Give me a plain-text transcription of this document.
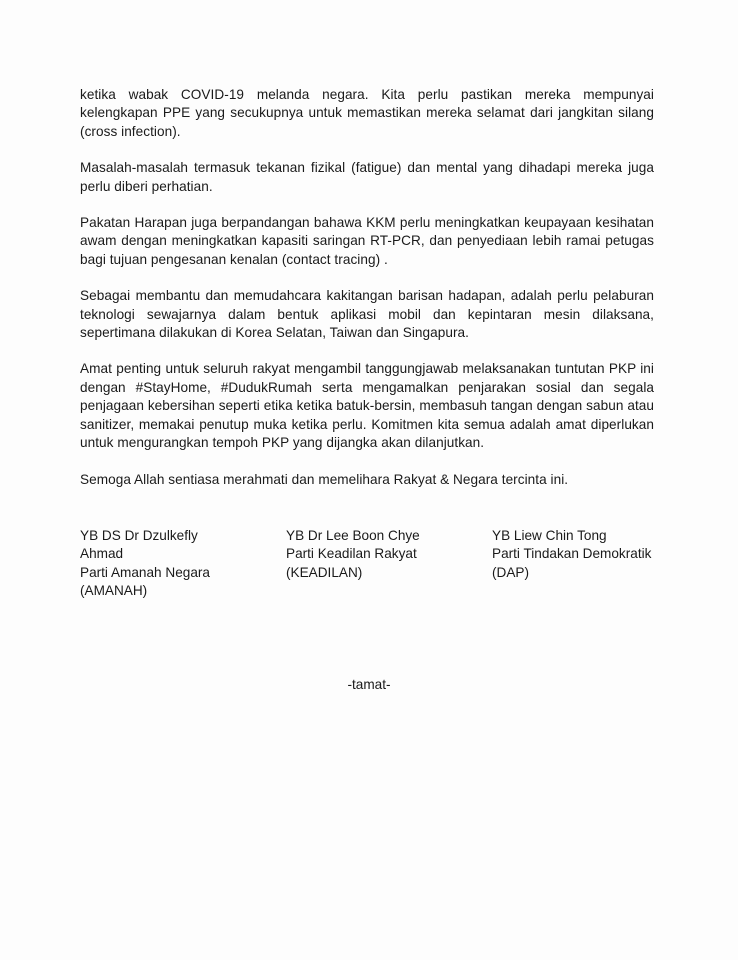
ketika wabak COVID-19 melanda negara. Kita perlu pastikan mereka mempunyai kelengkapan PPE yang secukupnya untuk memastikan mereka selamat dari jangkitan silang (cross infection).

Masalah-masalah termasuk tekanan fizikal (fatigue) dan mental yang dihadapi mereka juga perlu diberi perhatian.

Pakatan Harapan juga berpandangan bahawa KKM perlu meningkatkan keupayaan kesihatan awam dengan meningkatkan kapasiti saringan RT-PCR, dan penyediaan lebih ramai petugas bagi tujuan pengesanan kenalan (contact tracing) .

Sebagai membantu dan memudahcara kakitangan barisan hadapan, adalah perlu pelaburan teknologi sewajarnya dalam bentuk aplikasi mobil dan kepintaran mesin dilaksana, sepertimana dilakukan di Korea Selatan, Taiwan dan Singapura.

Amat penting untuk seluruh rakyat mengambil tanggungjawab melaksanakan tuntutan PKP ini dengan #StayHome, #DudukRumah serta mengamalkan penjarakan sosial dan segala penjagaan kebersihan seperti etika ketika batuk-bersin, membasuh tangan dengan sabun atau sanitizer, memakai penutup muka ketika perlu. Komitmen kita semua adalah amat diperlukan untuk mengurangkan tempoh PKP yang dijangka akan dilanjutkan.

Semoga Allah sentiasa merahmati dan memelihara Rakyat & Negara tercinta ini.

YB DS Dr Dzulkefly
Ahmad
Parti Amanah Negara
(AMANAH)
YB Dr Lee Boon Chye
Parti Keadilan Rakyat
(KEADILAN)
YB Liew Chin Tong
Parti Tindakan Demokratik
(DAP)
-tamat-
